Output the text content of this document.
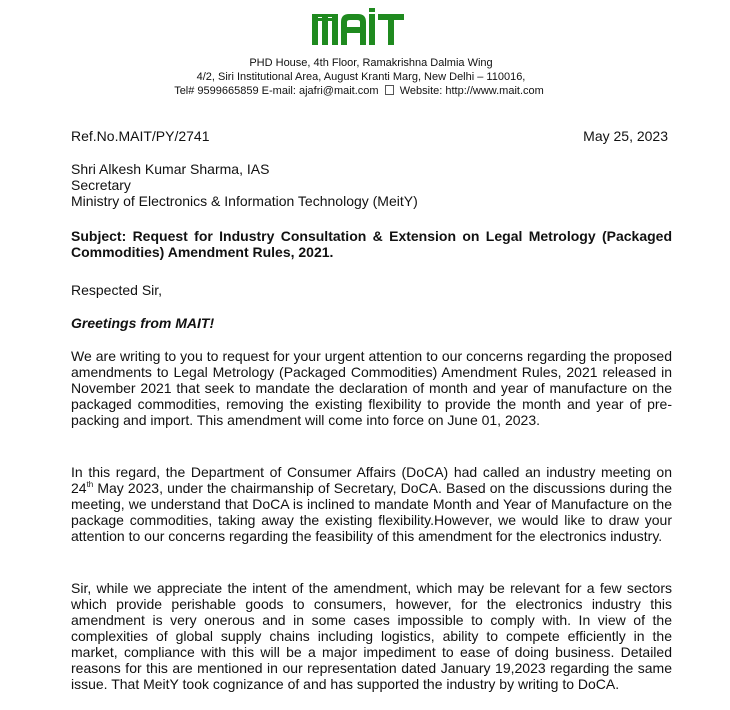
PHD House, 4th Floor, Ramakrishna Dalmia Wing
4/2, Siri Institutional Area, August Kranti Marg, New Delhi – 110016,
Tel# 9599665859 E-mail: ajafri@mait.com Website: http://www.mait.com
Ref.No.MAIT/PY/2741	May 25, 2023
Shri Alkesh Kumar Sharma, IAS
Secretary
Ministry of Electronics & Information Technology (MeitY)
Subject: Request for Industry Consultation & Extension on Legal Metrology (Packaged Commodities) Amendment Rules, 2021.
Respected Sir,
Greetings from MAIT!
We are writing to you to request for your urgent attention to our concerns regarding the proposed amendments to Legal Metrology (Packaged Commodities) Amendment Rules, 2021 released in November 2021 that seek to mandate the declaration of month and year of manufacture on the packaged commodities, removing the existing flexibility to provide the month and year of pre-packing and import. This amendment will come into force on June 01, 2023.
In this regard, the Department of Consumer Affairs (DoCA) had called an industry meeting on 24th May 2023, under the chairmanship of Secretary, DoCA. Based on the discussions during the meeting, we understand that DoCA is inclined to mandate Month and Year of Manufacture on the package commodities, taking away the existing flexibility.However, we would like to draw your attention to our concerns regarding the feasibility of this amendment for the electronics industry.
Sir, while we appreciate the intent of the amendment, which may be relevant for a few sectors which provide perishable goods to consumers, however, for the electronics industry this amendment is very onerous and in some cases impossible to comply with. In view of the complexities of global supply chains including logistics, ability to compete efficiently in the market, compliance with this will be a major impediment to ease of doing business. Detailed reasons for this are mentioned in our representation dated January 19,2023 regarding the same issue. That MeitY took cognizance of and has supported the industry by writing to DoCA.
